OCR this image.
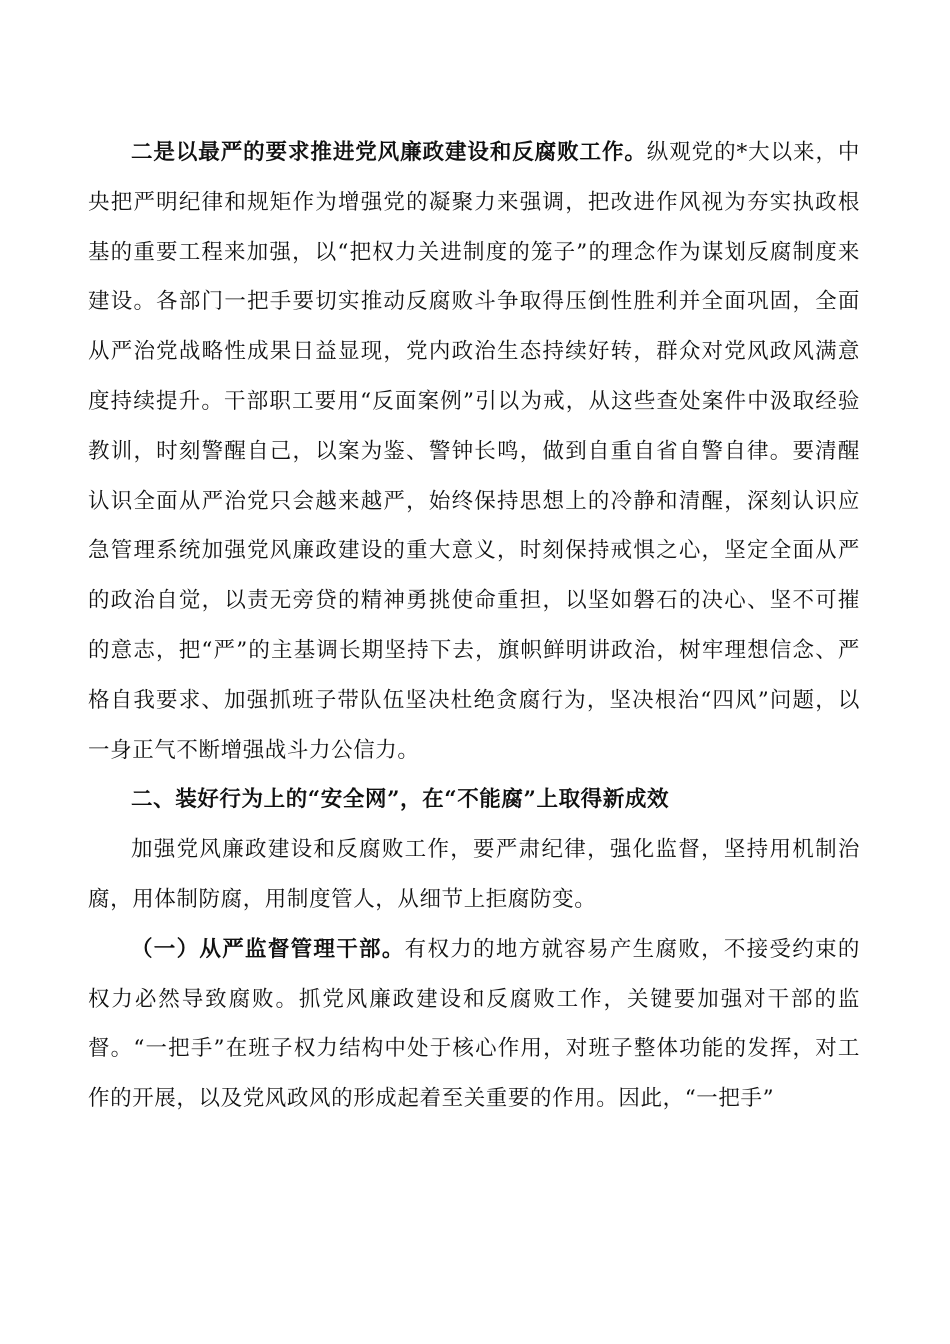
二是以最严的要求推进党风廉政建设和反腐败工作。纵观党的*大以来，中央把严明纪律和规矩作为增强党的凝聚力来强调，把改进作风视为夯实执政根基的重要工程来加强，以“把权力关进制度的笼子”的理念作为谋划反腐制度来建设。各部门一把手要切实推动反腐败斗争取得压倒性胜利并全面巩固，全面从严治党战略性成果日益显现，党内政治生态持续好转，群众对党风政风满意度持续提升。干部职工要用“反面案例”引以为戒，从这些查处案件中汲取经验教训，时刻警醒自己，以案为鉴、警钟长鸣，做到自重自省自警自律。要清醒认识全面从严治党只会越来越严，始终保持思想上的冷静和清醒，深刻认识应急管理系统加强党风廉政建设的重大意义，时刻保持戒惧之心，坚定全面从严的政治自觉，以责无旁贷的精神勇挑使命重担，以坚如磐石的决心、坚不可摧的意志，把“严”的主基调长期坚持下去，旗帜鲜明讲政治，树牢理想信念、严格自我要求、加强抓班子带队伍坚决杜绝贪腐行为，坚决根治“四风”问题，以一身正气不断增强战斗力公信力。

二、装好行为上的“安全网”，在“不能腐”上取得新成效

加强党风廉政建设和反腐败工作，要严肃纪律，强化监督，坚持用机制治腐，用体制防腐，用制度管人，从细节上拒腐防变。

（一）从严监督管理干部。有权力的地方就容易产生腐败，不接受约束的权力必然导致腐败。抓党风廉政建设和反腐败工作，关键要加强对干部的监督。“一把手”在班子权力结构中处于核心作用，对班子整体功能的发挥，对工作的开展，以及党风政风的形成起着至关重要的作用。因此，“一把手”
